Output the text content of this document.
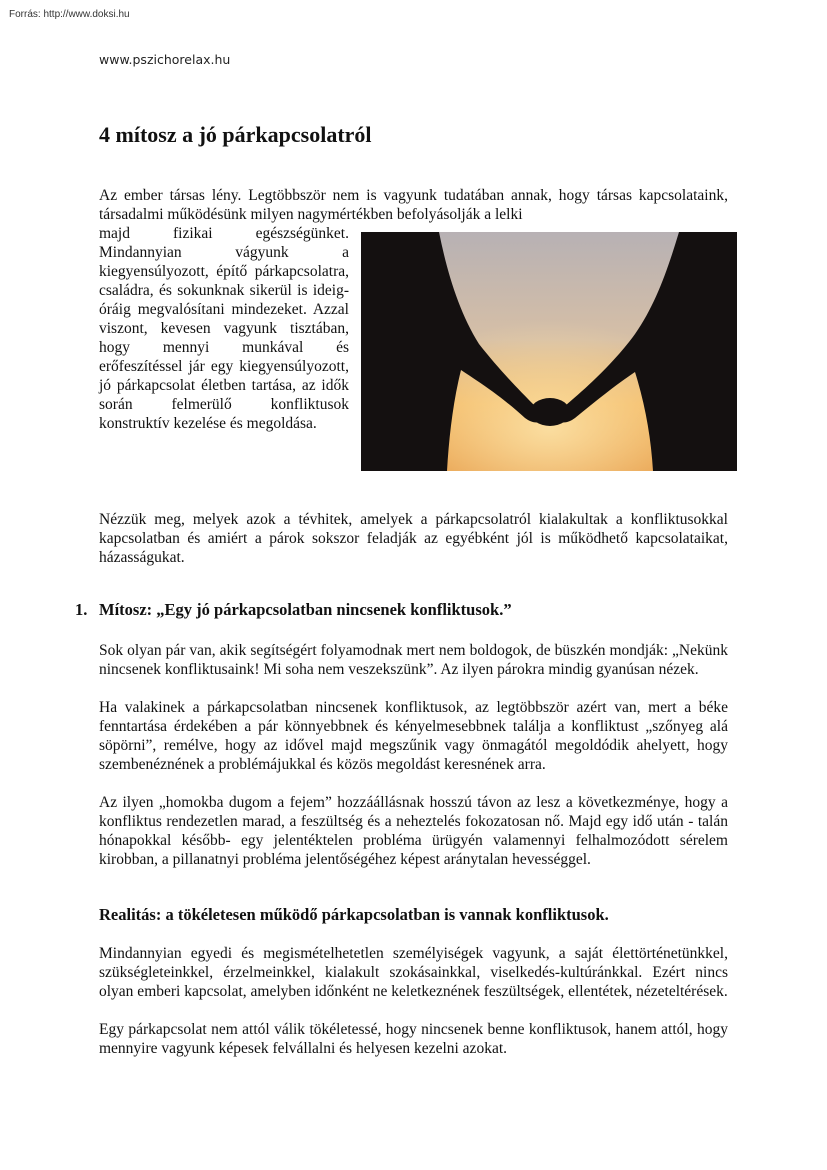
Forrás: http://www.doksi.hu
www.pszichorelax.hu
4 mítosz a jó párkapcsolatról

Az ember társas lény. Legtöbbször nem is vagyunk tudatában annak, hogy társas kapcsolataink, társadalmi működésünk milyen nagymértékben befolyásolják a lelki

majd fizikai egészségünket. Mindannyian vágyunk a kiegyensúlyozott, építő párkapcsolatra, családra, és sokunknak sikerül is ideig-óráig megvalósítani mindezeket. Azzal viszont, kevesen vagyunk tisztában, hogy mennyi munkával és erőfeszítéssel jár egy kiegyensúlyozott, jó párkapcsolat életben tartása, az idők során felmerülő konfliktusok konstruktív kezelése és megoldása.

Nézzük meg, melyek azok a tévhitek, amelyek a párkapcsolatról kialakultak a konfliktusokkal kapcsolatban és amiért a párok sokszor feladják az egyébként jól is működhető kapcsolataikat, házasságukat.

1. Mítosz: „Egy jó párkapcsolatban nincsenek konfliktusok.”

Sok olyan pár van, akik segítségért folyamodnak mert nem boldogok, de büszkén mondják: „Nekünk nincsenek konfliktusaink! Mi soha nem veszekszünk”. Az ilyen párokra mindig gyanúsan nézek.

Ha valakinek a párkapcsolatban nincsenek konfliktusok, az legtöbbször azért van, mert a béke fenntartása érdekében a pár könnyebbnek és kényelmesebbnek találja a konfliktust „szőnyeg alá söpörni”, remélve, hogy az idővel majd megszűnik vagy önmagától megoldódik ahelyett, hogy szembenéznének a problémájukkal és közös megoldást keresnének arra.

Az ilyen „homokba dugom a fejem” hozzáállásnak hosszú távon az lesz a következménye, hogy a konfliktus rendezetlen marad, a feszültség és a neheztelés fokozatosan nő. Majd egy idő után - talán hónapokkal később- egy jelentéktelen probléma ürügyén valamennyi felhalmozódott sérelem kirobban, a pillanatnyi probléma jelentőségéhez képest aránytalan hevességgel.

Realitás: a tökéletesen működő párkapcsolatban is vannak konfliktusok.

Mindannyian egyedi és megismételhetetlen személyiségek vagyunk, a saját élettörténetünkkel, szükségleteinkkel, érzelmeinkkel, kialakult szokásainkkal, viselkedés-kultúránkkal. Ezért nincs olyan emberi kapcsolat, amelyben időnként ne keletkeznének feszültségek, ellentétek, nézeteltérések.

Egy párkapcsolat nem attól válik tökéletessé, hogy nincsenek benne konfliktusok, hanem attól, hogy mennyire vagyunk képesek felvállalni és helyesen kezelni azokat.
